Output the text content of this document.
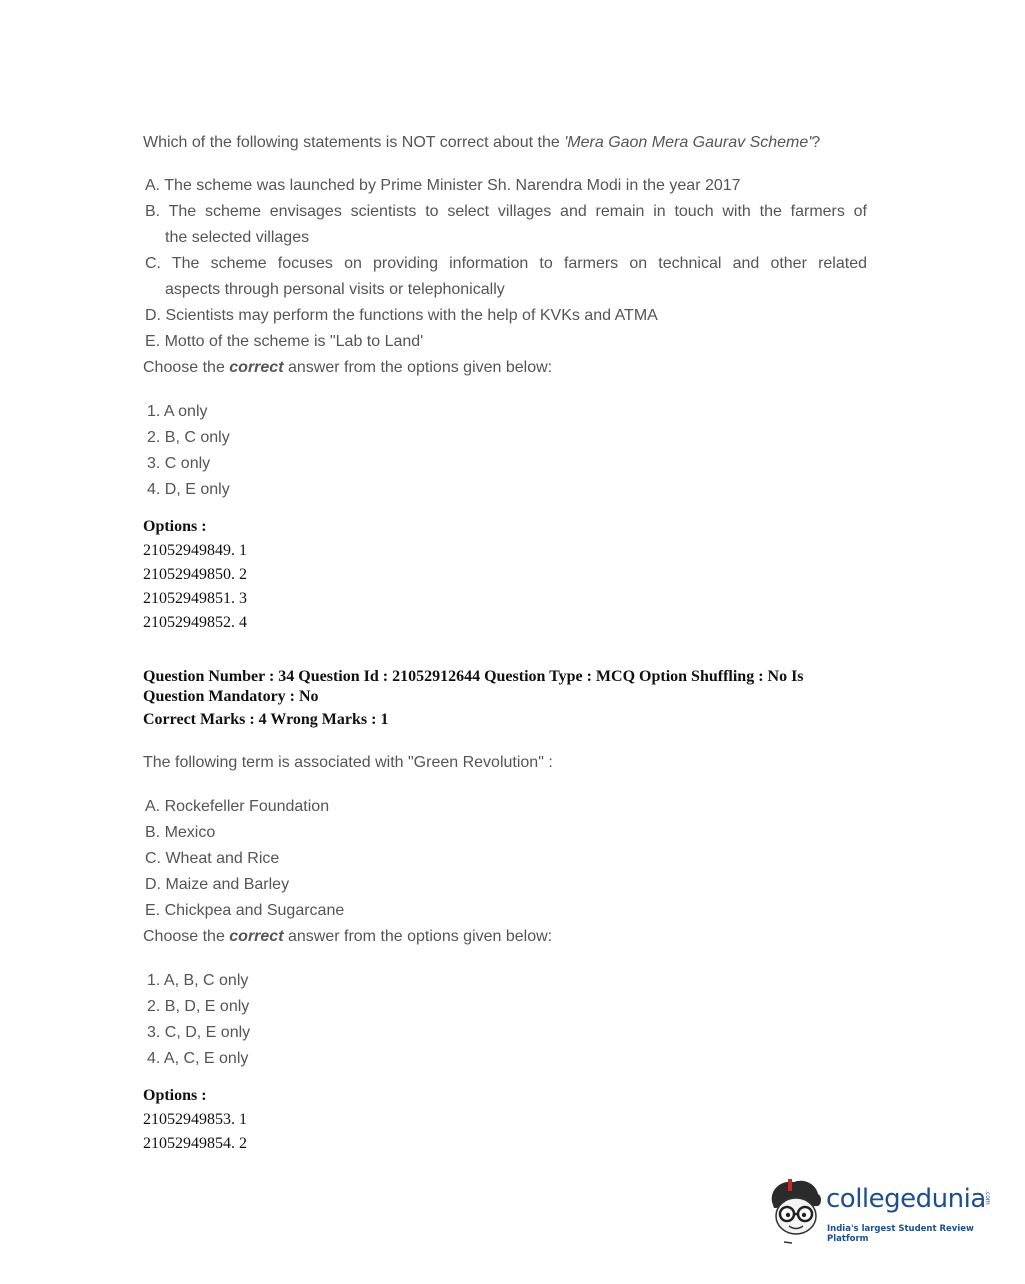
Which of the following statements is NOT correct about the 'Mera Gaon Mera Gaurav Scheme'?
A. The scheme was launched by Prime Minister Sh. Narendra Modi in the year 2017
B. The scheme envisages scientists to select villages and remain in touch with the farmers of
the selected villages
C. The scheme focuses on providing information to farmers on technical and other related
aspects through personal visits or telephonically
D. Scientists may perform the functions with the help of KVKs and ATMA
E. Motto of the scheme is "Lab to Land'
Choose the correct answer from the options given below:
1. A only
2. B, C only
3. C only
4. D, E only
Options :
21052949849. 1
21052949850. 2
21052949851. 3
21052949852. 4
Question Number : 34 Question Id : 21052912644 Question Type : MCQ Option Shuffling : No Is
Question Mandatory : No
Correct Marks : 4 Wrong Marks : 1
The following term is associated with "Green Revolution" :
A. Rockefeller Foundation
B. Mexico
C. Wheat and Rice
D. Maize and Barley
E. Chickpea and Sugarcane
Choose the correct answer from the options given below:
1. A, B, C only
2. B, D, E only
3. C, D, E only
4. A, C, E only
Options :
21052949853. 1
21052949854. 2
collegedunia
.com
India's largest Student Review Platform
